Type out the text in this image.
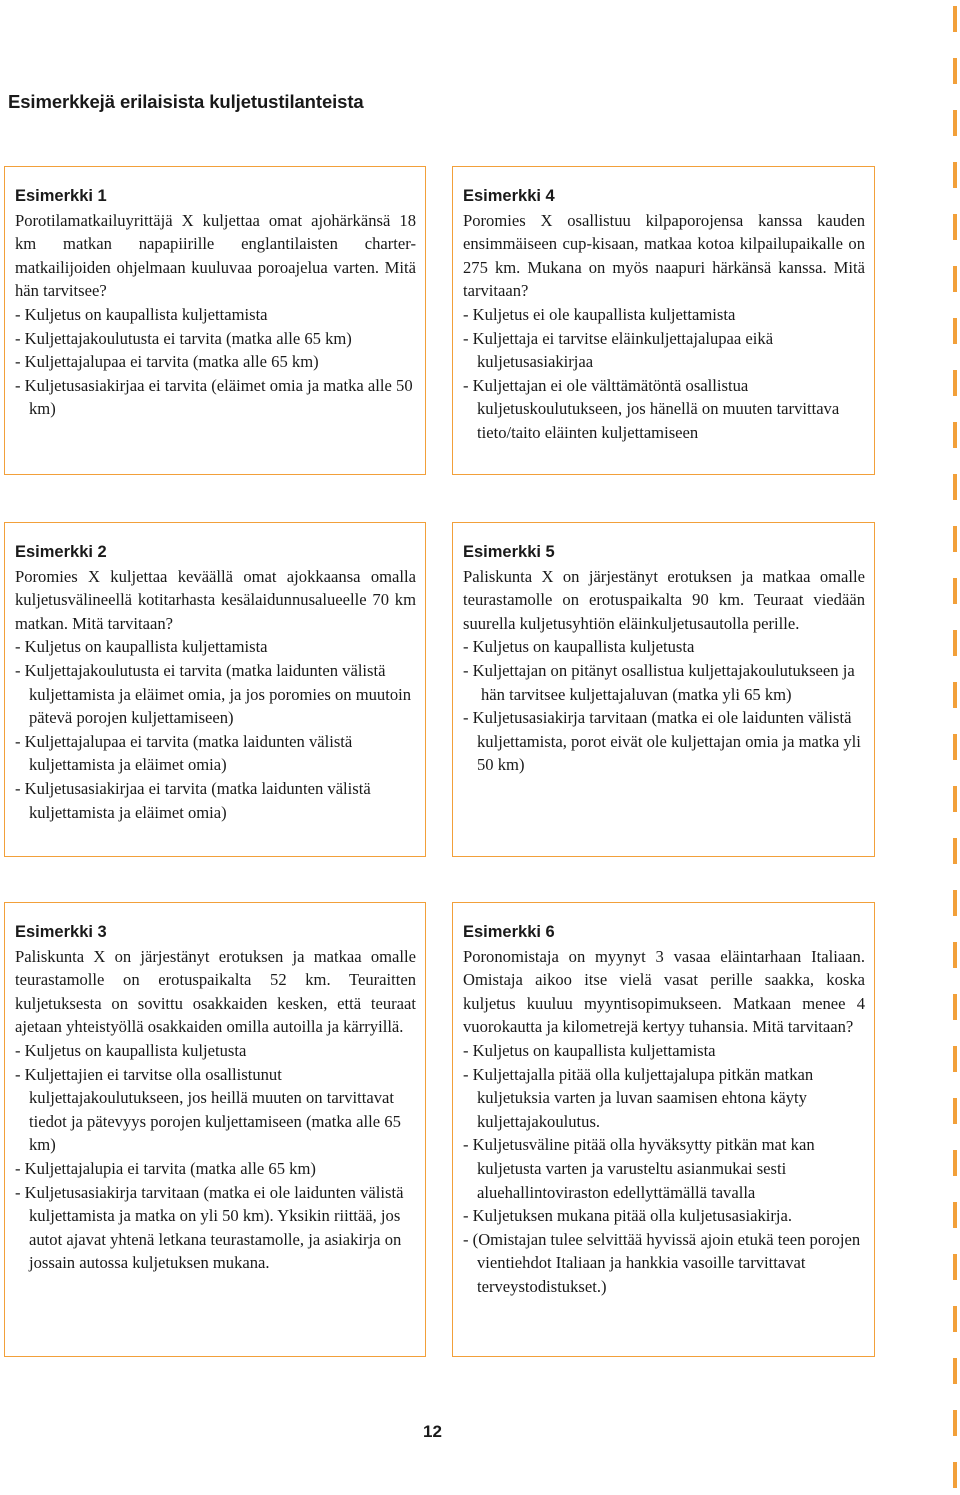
Esimerkkejä erilaisista kuljetustilanteista
Esimerkki 1
Porotilamatkailuyrittäjä X kuljettaa omat ajohärkänsä 18 km matkan napapiirille englantilaisten charter-matkailijoiden ohjelmaan kuuluvaa poroajelua varten. Mitä hän tarvitsee?
- Kuljetus on kaupallista kuljettamista
- Kuljettajakoulutusta ei tarvita (matka alle 65 km)
- Kuljettajalupaa ei tarvita (matka alle 65 km)
- Kuljetusasiakirjaa ei tarvita (eläimet omia ja matka alle 50 km)
Esimerkki 2
Poromies X kuljettaa keväällä omat ajokkaansa omalla kuljetusvälineellä kotitarhasta kesälaidunnusalueelle 70 km matkan. Mitä tarvitaan?
- Kuljetus on kaupallista kuljettamista
- Kuljettajakoulutusta ei tarvita (matka laidunten välistä kuljettamista ja eläimet omia, ja jos poromies on muutoin pätevä porojen kuljettamiseen)
- Kuljettajalupaa ei tarvita (matka laidunten välistä kuljettamista ja eläimet omia)
- Kuljetusasiakirjaa ei tarvita (matka laidunten välistä kuljettamista ja eläimet omia)
Esimerkki 3
Paliskunta X on järjestänyt erotuksen ja matkaa omalle teurastamolle on erotuspaikalta 52 km. Teuraitten kuljetuksesta on sovittu osakkaiden kesken, että teuraat ajetaan yhteistyöllä osakkaiden omilla autoilla ja kärryillä.
- Kuljetus on kaupallista kuljetusta
- Kuljettajien ei tarvitse olla osallistunut kuljettajakoulutukseen, jos heillä muuten on tarvittavat tiedot ja pätevyys porojen kuljettamiseen (matka alle 65 km)
- Kuljettajalupia ei tarvita (matka alle 65 km)
- Kuljetusasiakirja tarvitaan (matka ei ole laidunten välistä kuljettamista ja matka on yli 50 km). Yksikin riittää, jos autot ajavat yhtenä letkana teurastamolle, ja asiakirja on jossain autossa kuljetuksen mukana.
Esimerkki 4
Poromies X osallistuu kilpaporojensa kanssa kauden ensimmäiseen cup-kisaan, matkaa kotoa kilpailupaikalle on 275 km. Mukana on myös naapuri härkänsä kanssa. Mitä tarvitaan?
- Kuljetus ei ole kaupallista kuljettamista
- Kuljettaja ei tarvitse eläinkuljettajalupaa eikä kuljetusasiakirjaa
- Kuljettajan ei ole välttämätöntä osallistua kuljetuskoulutukseen, jos hänellä on muuten tarvittava tieto/taito eläinten kuljettamiseen
Esimerkki 5
Paliskunta X on järjestänyt erotuksen ja matkaa omalle teurastamolle on erotuspaikalta 90 km. Teuraat viedään suurella kuljetusyhtiön eläinkuljetusautolla perille.
- Kuljetus on kaupallista kuljetusta
- Kuljettajan on pitänyt osallistua kuljettajakoulutukseen ja hän tarvitsee kuljettajaluvan (matka yli 65 km)
- Kuljetusasiakirja tarvitaan (matka ei ole laidunten välistä kuljettamista, porot eivät ole kuljettajan omia ja matka yli 50 km)
Esimerkki 6
Poronomistaja on myynyt 3 vasaa eläintarhaan Italiaan. Omistaja aikoo itse vielä vasat perille saakka, koska kuljetus kuuluu myyntisopimukseen. Matkaan menee 4 vuorokautta ja kilometrejä kertyy tuhansia. Mitä tarvitaan?
- Kuljetus on kaupallista kuljettamista
- Kuljettajalla pitää olla kuljettajalupa pitkän matkan kuljetuksia varten ja luvan saamisen ehtona käyty kuljettajakoulutus.
- Kuljetusväline pitää olla hyväksytty pitkän mat kan kuljetusta varten ja varusteltu asianmukai sesti aluehallintoviraston edellyttämällä tavalla
- Kuljetuksen mukana pitää olla kuljetusasiakirja.
- (Omistajan tulee selvittää hyvissä ajoin etukä teen porojen vientiehdot Italiaan ja hankkia vasoille tarvittavat terveystodistukset.)
12
